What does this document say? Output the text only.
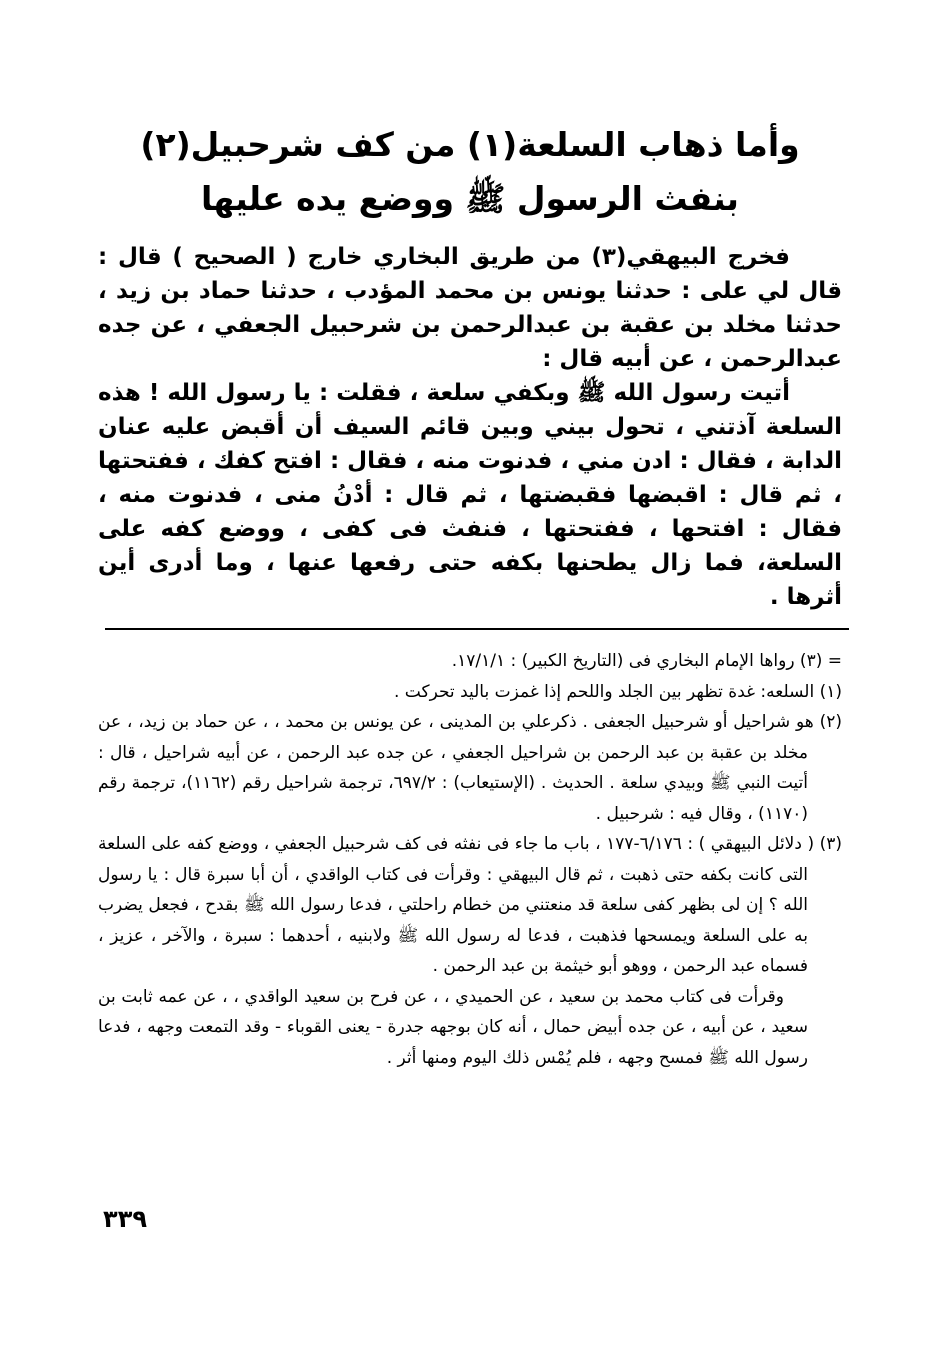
وأما ذهاب السلعة(١) من كف شرحبيل(٢)
بنفث الرسول ﷺ ووضع يده عليها

فخرج البيهقي(٣) من طريق البخاري خارج ( الصحيح ) قال : قال لي على : حدثنا يونس بن محمد المؤدب ، حدثنا حماد بن زيد ، حدثنا مخلد بن عقبة بن عبدالرحمن بن شرحبيل الجعفي ، عن جده عبدالرحمن ، عن أبيه قال :

أتيت رسول الله ﷺ وبكفي سلعة ، فقلت : يا رسول الله ! هذه السلعة آذتني ، تحول بيني وبين قائم السيف أن أقبض عليه عنان الدابة ، فقال : ادن مني ، فدنوت منه ، فقال : افتح كفك ، ففتحتها ، ثم قال : اقبضها فقبضتها ، ثم قال : أدْنُ منى ، فدنوت منه ، فقال : افتحها ، ففتحتها ، فنفث فى كفى ، ووضع كفه على السلعة، فما زال يطحنها بكفه حتى رفعها عنها ، وما أدرى أين أثرها .

= (٣) رواها الإمام البخاري فى (التاريخ الكبير) : ١٧/١/١.

(١) السلعه: غدة تظهر بين الجلد واللحم إذا غمزت باليد تحركت .

(٢) هو شراحيل أو شرحبيل الجعفى . ذكرعلي بن المدينى ، عن يونس بن محمد ، ، عن حماد بن زيد، ، عن مخلد بن عقبة بن عبد الرحمن بن شراحيل الجعفي ، عن جده عبد الرحمن ، عن أبيه شراحيل ، قال : أتيت النبي ﷺ وبيدي سلعة . الحديث . (الإستيعاب) : ٦٩٧/٢، ترجمة شراحيل رقم (١١٦٢)، ترجمة رقم (١١٧٠) ، وقال فيه : شرحبيل .

(٣) ( دلائل البيهقي ) : ٦/١٧٦-١٧٧ ، باب ما جاء فى نفثه فى كف شرحبيل الجعفي ، ووضع كفه على السلعة التى كانت بكفه حتى ذهبت ، ثم قال البيهقي : وقرأت فى كتاب الواقدي ، أن أبا سبرة قال : يا رسول الله ؟ إن لى بظهر كفى سلعة قد منعتني من خطام راحلتي ، فدعا رسول الله ﷺ بقدح ، فجعل يضرب به على السلعة ويمسحها فذهبت ، فدعا له رسول الله ﷺ ولابنيه ، أحدهما : سبرة ، والآخر ، عزيز ، فسماه عبد الرحمن ، ووهو أبو خيثمة بن عبد الرحمن .

وقرأت فى كتاب محمد بن سعيد ، عن الحميدي ، ، عن فرح بن سعيد الواقدي ، ، عن عمه ثابت بن سعيد ، عن أبيه ، عن جده أبيض حمال ، أنه كان بوجهه جدرة - يعنى القوباء - وقد التمعت وجهه ، فدعا رسول الله ﷺ فمسح وجهه ، فلم يُمْس ذلك اليوم ومنها أثر .

٣٣٩
